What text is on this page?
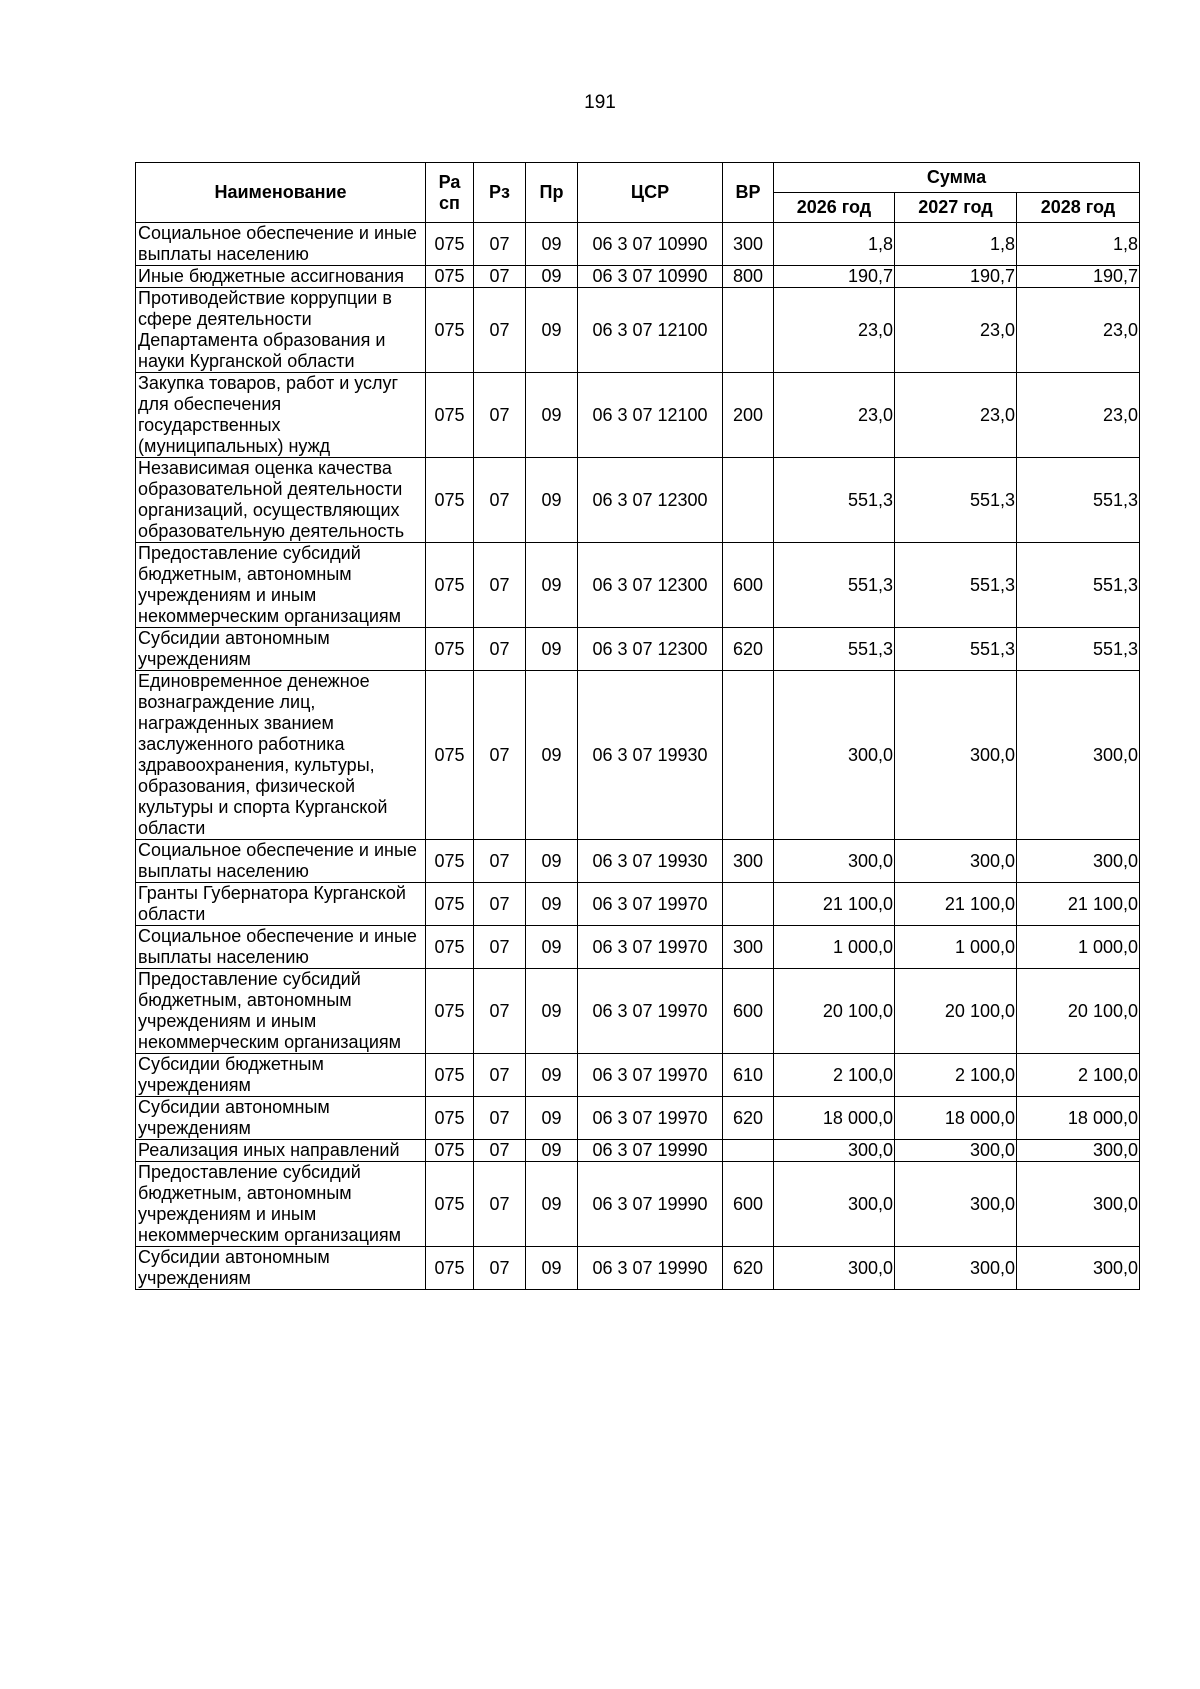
191
Наименование	Ра сп	Рз	Пр	ЦСР	ВР	Сумма		
						2026 год	2027 год	2028 год
Социальное обеспечение и иные выплаты населению	075	07	09	06 3 07 10990	300	1,8	1,8	1,8
Иные бюджетные ассигнования	075	07	09	06 3 07 10990	800	190,7	190,7	190,7
Противодействие коррупции в сфере деятельности Департамента образования и науки Курганской области	075	07	09	06 3 07 12100		23,0	23,0	23,0
Закупка товаров, работ и услуг для обеспечения государственных (муниципальных) нужд	075	07	09	06 3 07 12100	200	23,0	23,0	23,0
Независимая оценка качества образовательной деятельности организаций, осуществляющих образовательную деятельность	075	07	09	06 3 07 12300		551,3	551,3	551,3
Предоставление субсидий бюджетным, автономным учреждениям и иным некоммерческим организациям	075	07	09	06 3 07 12300	600	551,3	551,3	551,3
Субсидии автономным учреждениям	075	07	09	06 3 07 12300	620	551,3	551,3	551,3
Единовременное денежное вознаграждение лиц, награжденных званием заслуженного работника здравоохранения, культуры, образования, физической культуры и спорта Курганской области	075	07	09	06 3 07 19930		300,0	300,0	300,0
Социальное обеспечение и иные выплаты населению	075	07	09	06 3 07 19930	300	300,0	300,0	300,0
Гранты Губернатора Курганской области	075	07	09	06 3 07 19970		21 100,0	21 100,0	21 100,0
Социальное обеспечение и иные выплаты населению	075	07	09	06 3 07 19970	300	1 000,0	1 000,0	1 000,0
Предоставление субсидий бюджетным, автономным учреждениям и иным некоммерческим организациям	075	07	09	06 3 07 19970	600	20 100,0	20 100,0	20 100,0
Субсидии бюджетным учреждениям	075	07	09	06 3 07 19970	610	2 100,0	2 100,0	2 100,0
Субсидии автономным учреждениям	075	07	09	06 3 07 19970	620	18 000,0	18 000,0	18 000,0
Реализация иных направлений	075	07	09	06 3 07 19990		300,0	300,0	300,0
Предоставление субсидий бюджетным, автономным учреждениям и иным некоммерческим организациям	075	07	09	06 3 07 19990	600	300,0	300,0	300,0
Субсидии автономным учреждениям	075	07	09	06 3 07 19990	620	300,0	300,0	300,0
